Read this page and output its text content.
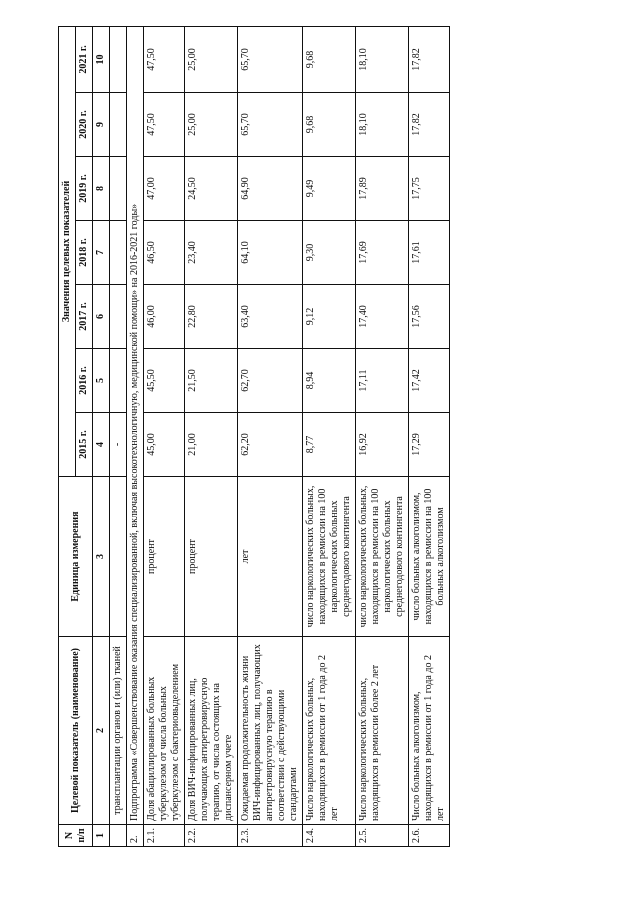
N п/п	Целевой показатель (наименование)	Единица измерения	Значения целевых показателей						
			2015 г.	2016 г.	2017 г.	2018 г.	2019 г.	2020 г.	2021 г.
1	2	3	4	5	6	7	8	9	10
	трансплантации органов и (или) тканей		-						
2.	Подпрограмма «Совершенствование оказания специализированной, включая высокотехнологичную, медицинской помощи» на 2016-2021 годы»								
2.1.	Доля абациллированных больных туберкулезом от числа больных туберкулезом с бактериовыделением	процент	45,00	45,50	46,00	46,50	47,00	47,50	47,50
2.2.	Доля ВИЧ-инфицированных лиц, получающих антиретровирусную терапию, от числа состоящих на диспансерном учете	процент	21,00	21,50	22,80	23,40	24,50	25,00	25,00
2.3.	Ожидаемая продолжительность жизни ВИЧ-инфицированных лиц, получающих антиретровирусную терапию в соответствии с действующими стандартами	лет	62,20	62,70	63,40	64,10	64,90	65,70	65,70
2.4.	Число наркологических больных, находящихся в ремиссии от 1 года до 2 лет	число наркологических больных, находящихся в ремиссии на 100 наркологических больных среднегодового контингента	8,77	8,94	9,12	9,30	9,49	9,68	9,68
2.5.	Число наркологических больных, находящихся в ремиссии более 2 лет	число наркологических больных, находящихся в ремиссии на 100 наркологических больных среднегодового контингента	16,92	17,11	17,40	17,69	17,89	18,10	18,10
2.6.	Число больных алкоголизмом, находящихся в ремиссии от 1 года до 2 лет	число больных алкоголизмом, находящихся в ремиссии на 100 больных алкоголизмом	17,29	17,42	17,56	17,61	17,75	17,82	17,82
